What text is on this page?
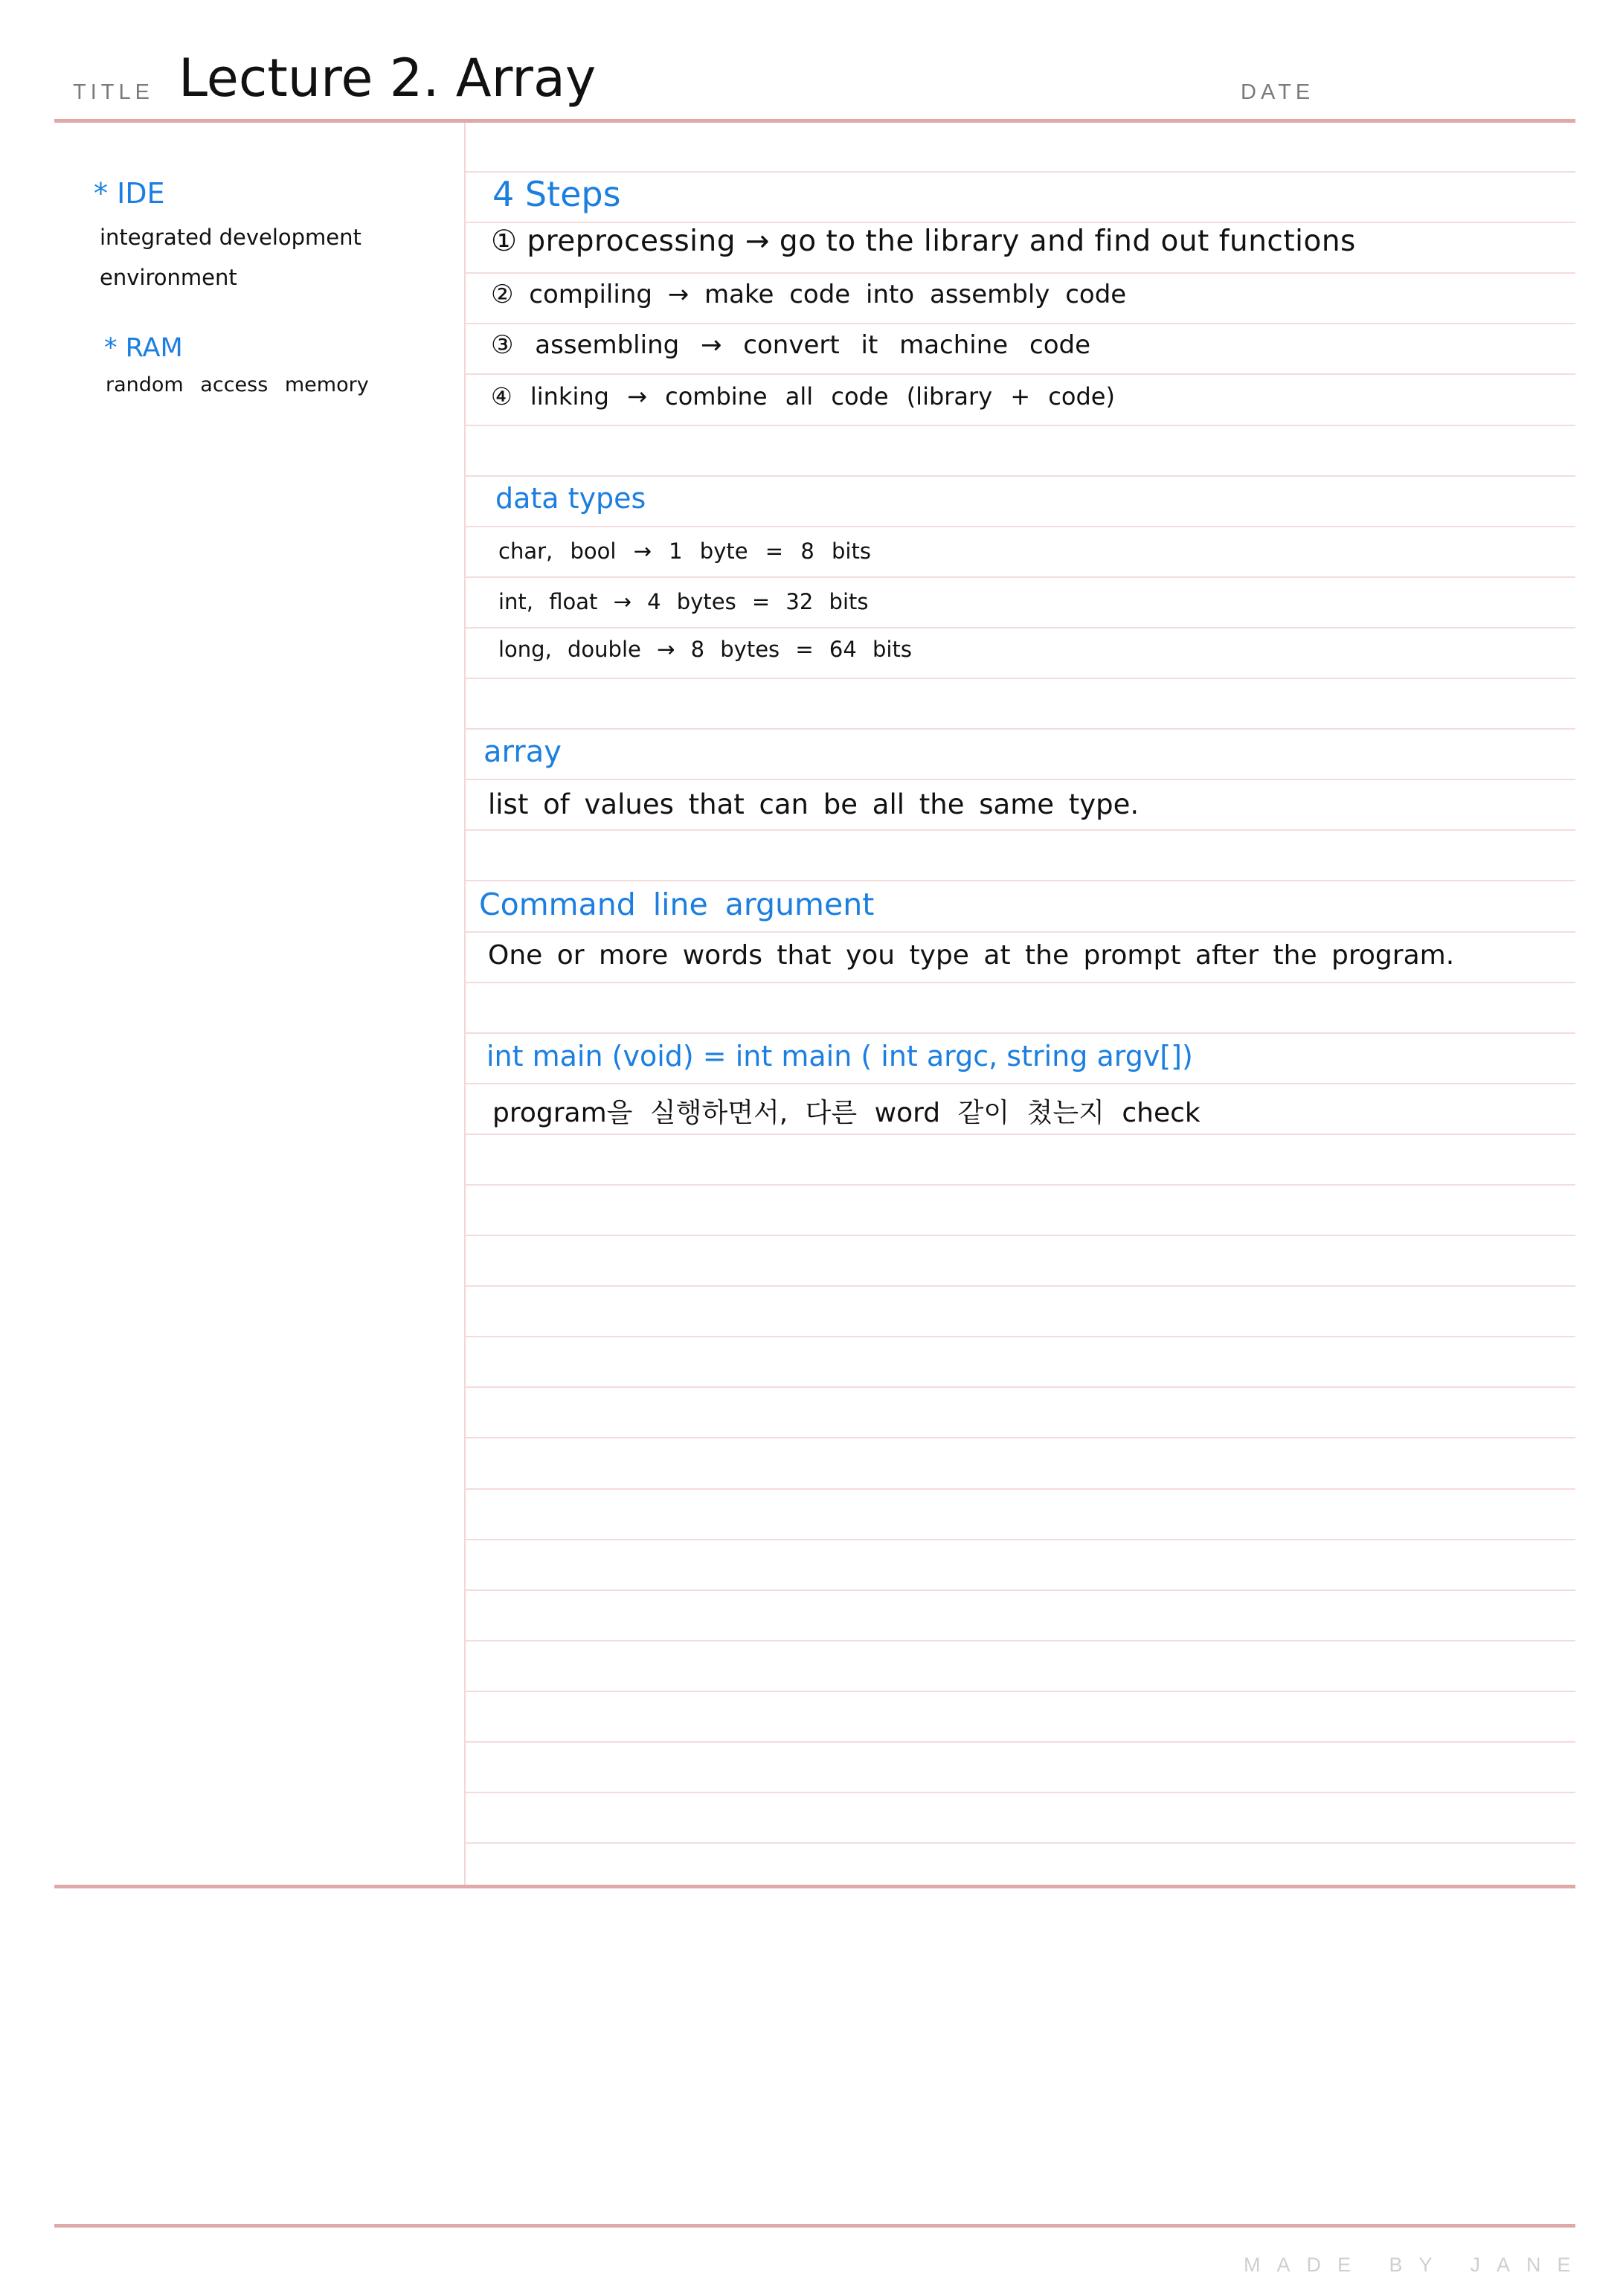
TITLE Lecture 2. Array	DATE
* IDE
integrated development
environment
* RAM
random access memory
4 Steps
① preprocessing → go to the library and find out functions
② compiling → make code into assembly code
③ assembling → convert it machine code
④ linking → combine all code (library + code)
data types
char, bool → 1 byte = 8 bits
int, float → 4 bytes = 32 bits
long, double → 8 bytes = 64 bits
array
list of values that can be all the same type.
Command line argument
One or more words that you type at the prompt after the program.
int main (void) = int main ( int argc, string argv[])
program을 실행하면서, 다른 word 같이 쳤는지 check
MADE BY JANE
